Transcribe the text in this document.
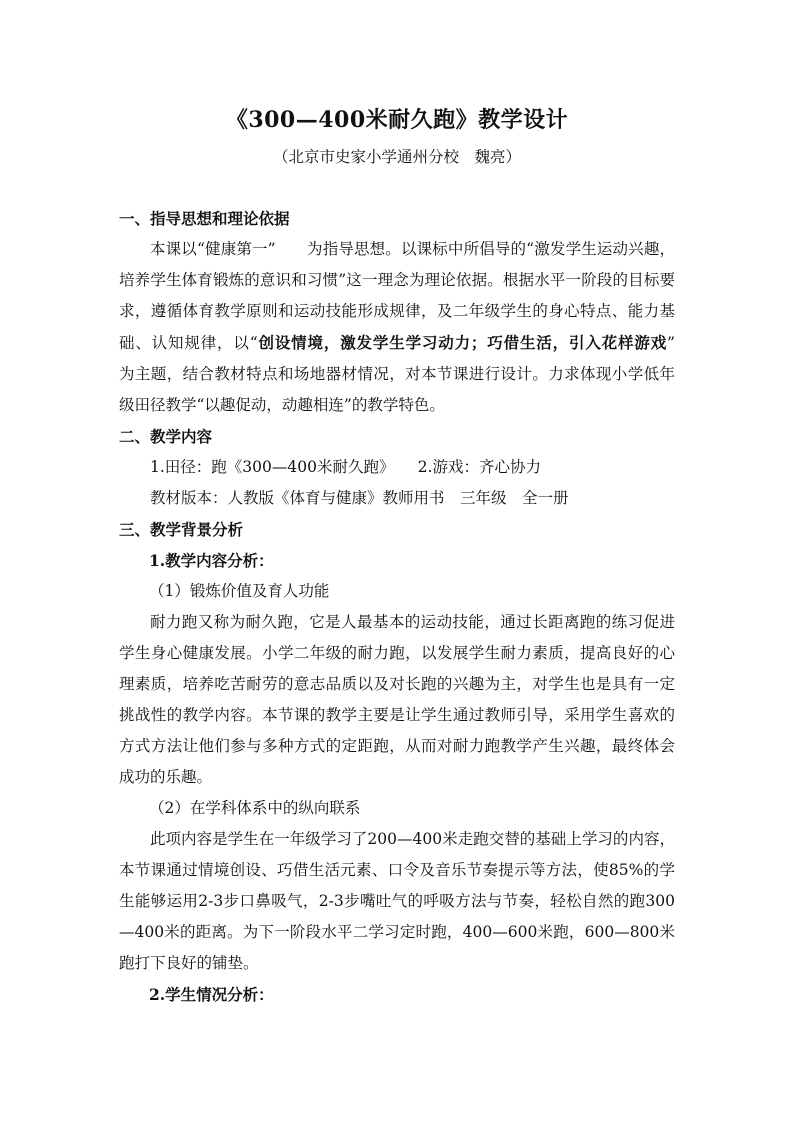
《300—400米耐久跑》教学设计
（北京市史家小学通州分校　魏亮）

一、指导思想和理论依据

本课以“健康第一”　　为指导思想。以课标中所倡导的“激发学生运动兴趣，培养学生体育锻炼的意识和习惯”这一理念为理论依据。根据水平一阶段的目标要求，遵循体育教学原则和运动技能形成规律，及二年级学生的身心特点、能力基础、认知规律，以“创设情境，激发学生学习动力；巧借生活，引入花样游戏”　为主题，结合教材特点和场地器材情况，对本节课进行设计。力求体现小学低年级田径教学“以趣促动，动趣相连”的教学特色。

二、教学内容

1.田径：跑《300—400米耐久跑》　　2.游戏：齐心协力

教材版本：人教版《体育与健康》教师用书　三年级　全一册

三、教学背景分析

1.教学内容分析：

（1）锻炼价值及育人功能

耐力跑又称为耐久跑，它是人最基本的运动技能，通过长距离跑的练习促进学生身心健康发展。小学二年级的耐力跑，以发展学生耐力素质，提高良好的心理素质，培养吃苦耐劳的意志品质以及对长跑的兴趣为主，对学生也是具有一定挑战性的教学内容。本节课的教学主要是让学生通过教师引导，采用学生喜欢的方式方法让他们参与多种方式的定距跑，从而对耐力跑教学产生兴趣，最终体会成功的乐趣。

（2）在学科体系中的纵向联系

此项内容是学生在一年级学习了200—400米走跑交替的基础上学习的内容，本节课通过情境创设、巧借生活元素、口令及音乐节奏提示等方法，使85%的学生能够运用2-3步口鼻吸气，2-3步嘴吐气的呼吸方法与节奏，轻松自然的跑300—400米的距离。为下一阶段水平二学习定时跑，400—600米跑，600—800米跑打下良好的铺垫。

2.学生情况分析：
